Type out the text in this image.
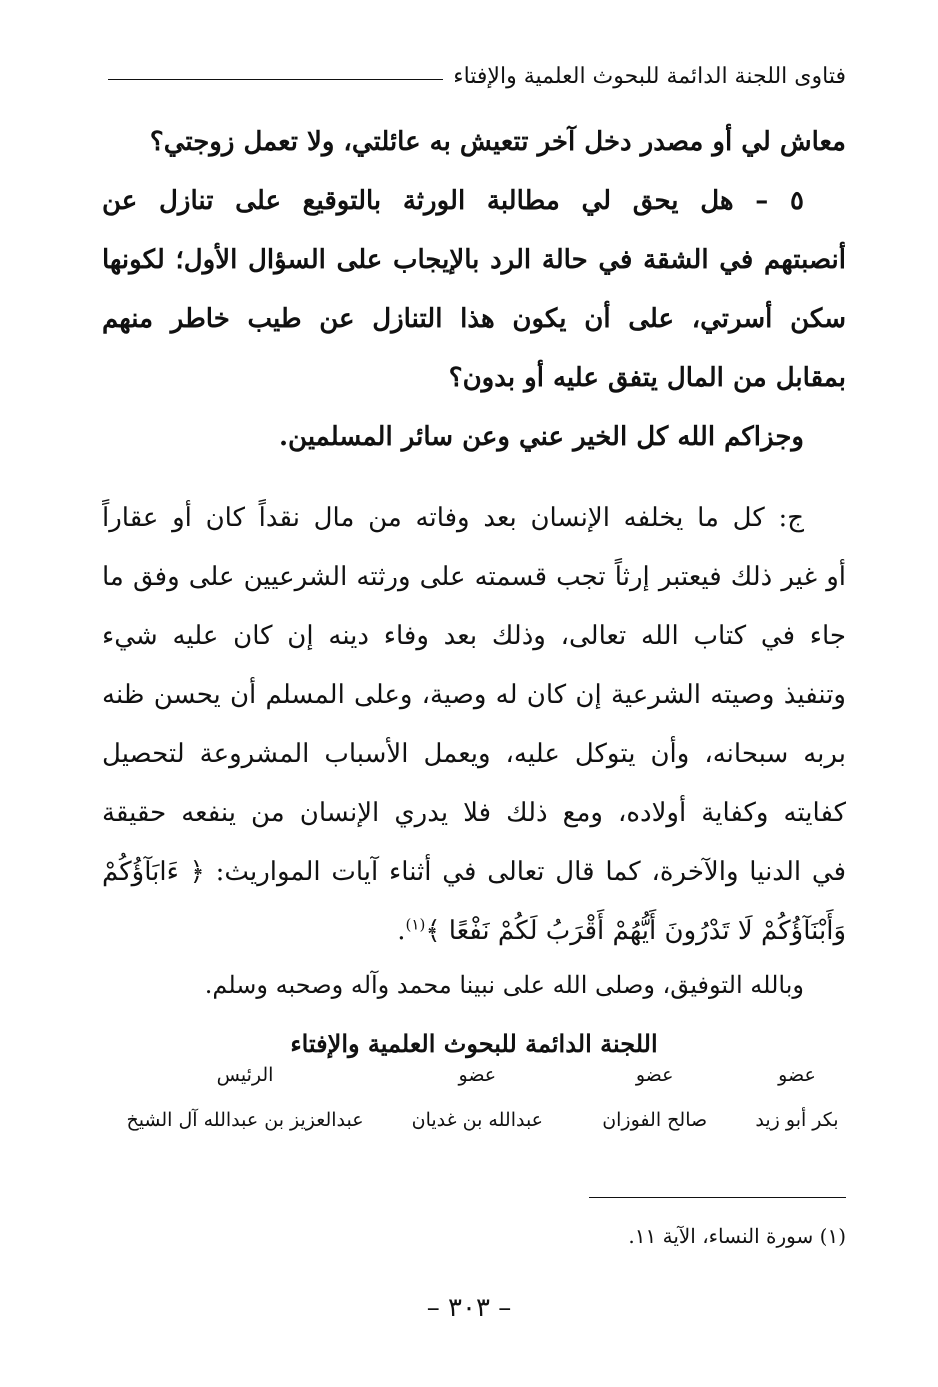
فتاوى اللجنة الدائمة للبحوث العلمية والإفتاء
معاش لي أو مصدر دخل آخر تتعيش به عائلتي، ولا تعمل زوجتي؟
٥ – هل يحق لي مطالبة الورثة بالتوقيع على تنازل عن
أنصبتهم في الشقة في حالة الرد بالإيجاب على السؤال الأول؛ لكونها
سكن أسرتي، على أن يكون هذا التنازل عن طيب خاطر منهم
بمقابل من المال يتفق عليه أو بدون؟
وجزاكم الله كل الخير عني وعن سائر المسلمين.
ج: كل ما يخلفه الإنسان بعد وفاته من مال نقداً كان أو عقاراً
أو غير ذلك فيعتبر إرثاً تجب قسمته على ورثته الشرعيين على وفق ما
جاء في كتاب الله تعالى، وذلك بعد وفاء دينه إن كان عليه شيء
وتنفيذ وصيته الشرعية إن كان له وصية، وعلى المسلم أن يحسن ظنه
بربه سبحانه، وأن يتوكل عليه، ويعمل الأسباب المشروعة لتحصيل
كفايته وكفاية أولاده، ومع ذلك فلا يدري الإنسان من ينفعه حقيقة
في الدنيا والآخرة، كما قال تعالى في أثناء آيات المواريث: ﴿ ءَابَآؤُكُمْ
وَأَبْنَآؤُكُمْ لَا تَدْرُونَ أَيُّهُمْ أَقْرَبُ لَكُمْ نَفْعًا ﴾$^{(١)}$.
وبالله التوفيق، وصلى الله على نبينا محمد وآله وصحبه وسلم.
اللجنة الدائمة للبحوث العلمية والإفتاء
عضو
بكر أبو زيد
عضو
صالح الفوزان
عضو
عبدالله بن غديان
الرئيس
عبدالعزيز بن عبدالله آل الشيخ
(١) سورة النساء، الآية ١١.
– ٣٠٣ –
